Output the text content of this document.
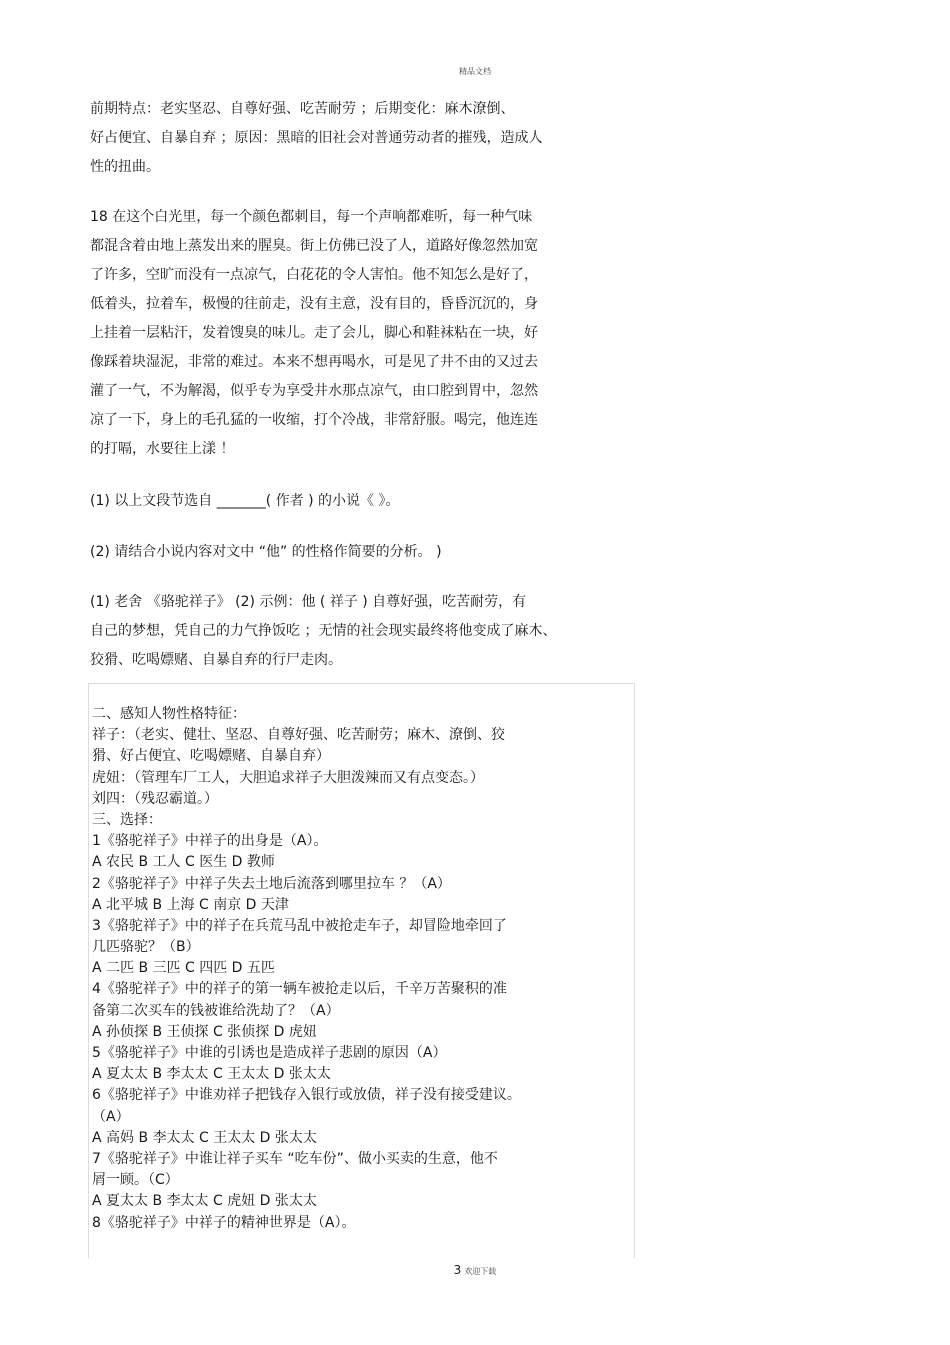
精品文档
前期特点：老实坚忍、自尊好强、吃苦耐劳 ；后期变化：麻木潦倒、
好占便宜、自暴自弃 ；原因：黑暗的旧社会对普通劳动者的摧残，造成人
性的扭曲。
18 在这个白光里，每一个颜色都刺目，每一个声响都难听，每一种气味
都混含着由地上蒸发出来的腥臭。街上仿佛已没了人，道路好像忽然加宽
了许多，空旷而没有一点凉气，白花花的令人害怕。他不知怎么是好了，
低着头，拉着车，极慢的往前走，没有主意，没有目的，昏昏沉沉的，身
上挂着一层粘汗，发着馊臭的味儿。走了会儿，脚心和鞋袜粘在一块，好
像踩着块湿泥，非常的难过。本来不想再喝水，可是见了井不由的又过去
灌了一气，不为解渴，似乎专为享受井水那点凉气，由口腔到胃中，忽然
凉了一下，身上的毛孔猛的一收缩，打个冷战，非常舒服。喝完，他连连
的打嗝，水要往上漾 ！
(1) 以上文段节选自 _______( 作者 ) 的小说《 》。
(2) 请结合小说内容对文中 “他” 的性格作简要的分析。 )
(1) 老舍 《骆驼祥子》 (2) 示例：他 ( 祥子 ) 自尊好强，吃苦耐劳，有
自己的梦想，凭自己的力气挣饭吃 ；无情的社会现实最终将他变成了麻木、
狡猾、吃喝嫖赌、自暴自弃的行尸走肉。
二、感知人物性格特征：
祥子：（老实、健壮、坚忍、自尊好强、吃苦耐劳；麻木、潦倒、狡
猾、好占便宜、吃喝嫖赌、自暴自弃）
虎妞：（管理车厂工人，大胆追求祥子大胆泼辣而又有点变态。）
刘四：（残忍霸道。）
三、选择：
1《骆驼祥子》中祥子的出身是（A）。
A 农民 B 工人 C 医生 D 教师
2《骆驼祥子》中祥子失去土地后流落到哪里拉车 ？（A）
A 北平城 B 上海 C 南京 D 天津
3《骆驼祥子》中的祥子在兵荒马乱中被抢走车子，却冒险地牵回了
几匹骆驼？（B）
A 二匹 B 三匹 C 四匹 D 五匹
4《骆驼祥子》中的祥子的第一辆车被抢走以后，千辛万苦聚积的准
备第二次买车的钱被谁给洗劫了？（A）
A 孙侦探 B 王侦探 C 张侦探 D 虎妞
5《骆驼祥子》中谁的引诱也是造成祥子悲剧的原因（A）
A 夏太太 B 李太太 C 王太太 D 张太太
6《骆驼祥子》中谁劝祥子把钱存入银行或放债，祥子没有接受建议。
（A）
A 高妈 B 李太太 C 王太太 D 张太太
7《骆驼祥子》中谁让祥子买车 “吃车份”、做小买卖的生意，他不
屑一顾。（C）
A 夏太太 B 李太太 C 虎妞 D 张太太
8《骆驼祥子》中祥子的精神世界是（A）。
3 欢迎下载
